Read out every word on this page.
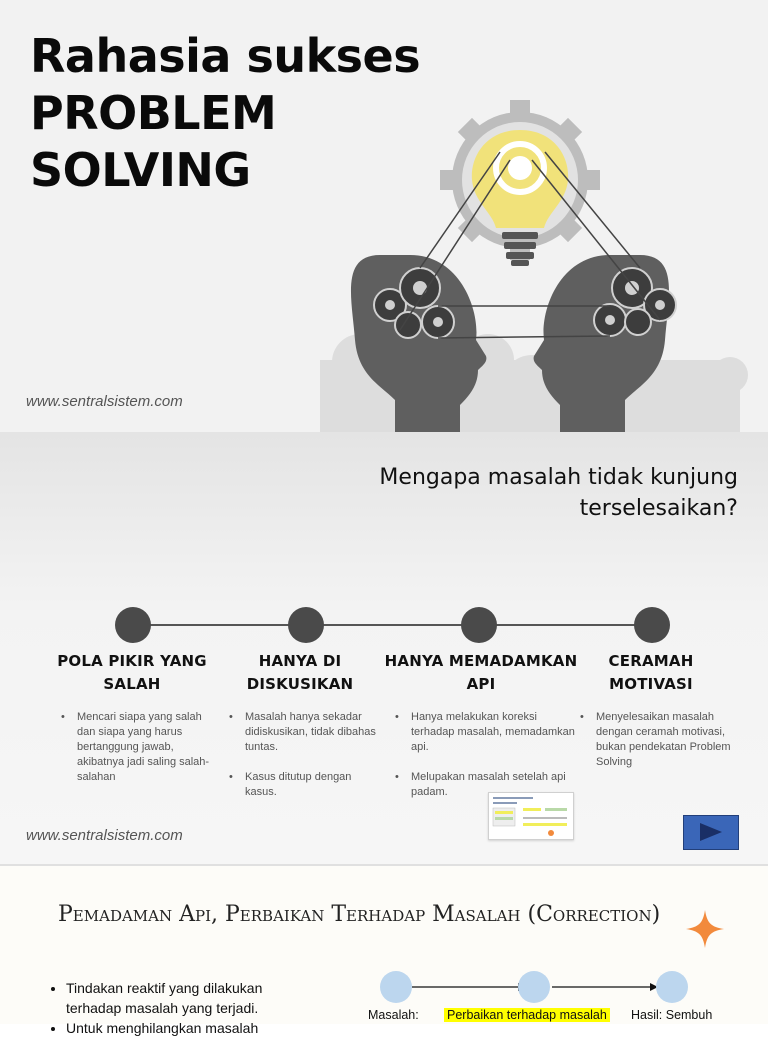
Rahasia sukses
PROBLEM
SOLVING
www.sentralsistem.com
Mengapa masalah tidak kunjung terselesaikan?
POLA PIKIR YANG SALAH
• Mencari siapa yang salah dan siapa yang harus bertanggung jawab, akibatnya jadi saling salah-salahan
HANYA DI DISKUSIKAN
• Masalah hanya sekadar didiskusikan, tidak dibahas tuntas.
• Kasus ditutup dengan kasus.
HANYA MEMADAMKAN API
• Hanya melakukan koreksi terhadap masalah, memadamkan api.
• Melupakan masalah setelah api padam.
CERAMAH MOTIVASI
• Menyelesaikan masalah dengan ceramah motivasi, bukan pendekatan Problem Solving
www.sentralsistem.com
Pemadaman Api, Perbaikan Terhadap Masalah (Correction)
• Tindakan reaktif yang dilakukan terhadap masalah yang terjadi.
• Untuk menghilangkan masalah
Masalah: Perbaikan terhadap masalah Hasil: Sembuh
